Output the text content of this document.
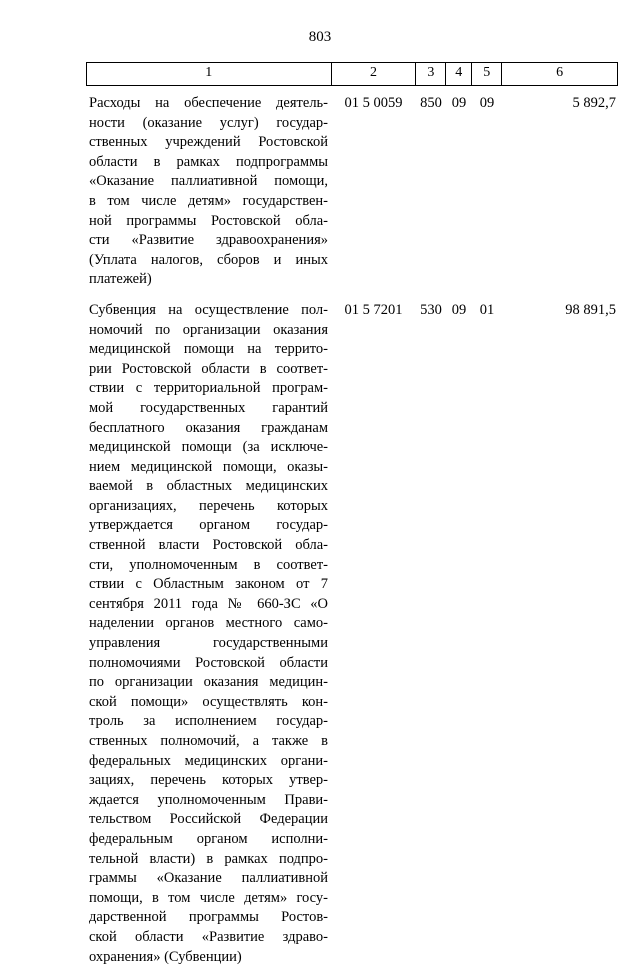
803
1	2	3	4	5	6
Расходы на обеспечение деятель-
ности (оказание услуг) государ-
ственных учреждений Ростовской
области в рамках подпрограммы
«Оказание паллиативной помощи,
в том числе детям» государствен-
ной программы Ростовской обла-
сти «Развитие здравоохранения»
(Уплата налогов, сборов и иных
платежей)
01 5 0059	850 09 09	5 892,7
Субвенция на осуществление пол-
номочий по организации оказания
медицинской помощи на террито-
рии Ростовской области в соответ-
ствии с территориальной програм-
мой государственных гарантий
бесплатного оказания гражданам
медицинской помощи (за исключе-
нием медицинской помощи, оказы-
ваемой в областных медицинских
организациях, перечень которых
утверждается органом государ-
ственной власти Ростовской обла-
сти, уполномоченным в соответ-
ствии с Областным законом от 7
сентября 2011 года № 660-ЗС «О
наделении органов местного само-
управления государственными
полномочиями Ростовской области
по организации оказания медицин-
ской помощи» осуществлять кон-
троль за исполнением государ-
ственных полномочий, а также в
федеральных медицинских органи-
зациях, перечень которых утвер-
ждается уполномоченным Прави-
тельством Российской Федерации
федеральным органом исполни-
тельной власти) в рамках подпро-
граммы «Оказание паллиативной
помощи, в том числе детям» госу-
дарственной программы Ростов-
ской области «Развитие здраво-
охранения» (Субвенции)
01 5 7201	530 09 01	98 891,5
